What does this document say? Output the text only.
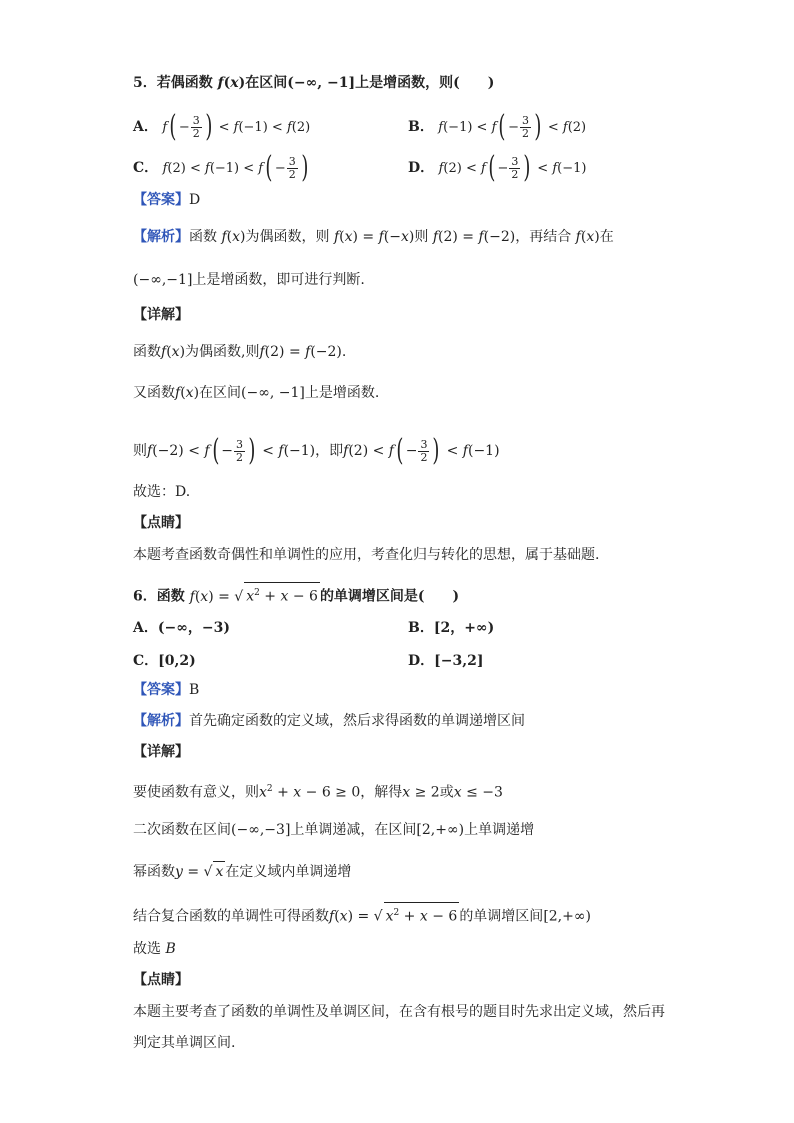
5．若偶函数 f(x)在区间(−∞, −1]上是增函数，则(　　)
A． $f( - \frac{3}{2}$ ) < f(−1) < f(2)	B． $f(-1) < f( - \frac{3}{2}$ ) < f(2)
C． $f(2) < f(-1) < f( - \frac{3}{2}$ )	D． $f(2) < f( - \frac{3}{2}$ ) < f(−1)
【答案】D
【解析】函数 f(x)为偶函数，则 f(x) = f(−x)则 f(2) = f(−2)，再结合 f(x)在
(−∞,−1]上是增函数，即可进行判断.
【详解】
函数f(x)为偶函数,则f(2) = f(−2).
又函数f(x)在区间(−∞, −1]上是增函数.
则$f(-2) < f( - \frac{3}{2}$ ) < f(−1)，即$f(2) < f( - \frac{3}{2}$ ) < f(−1)
故选：D.
【点睛】
本题考查函数奇偶性和单调性的应用，考查化归与转化的思想，属于基础题.
6．函数 f(x) = √ $x^2 + x - 6$ 的单调增区间是(　　)
A．(−∞，−3)	B．[2，+∞)
C．[0,2)	D．[−3,2]
【答案】B
【解析】首先确定函数的定义域，然后求得函数的单调递增区间
【详解】
要使函数有意义，则$x^2 + x - 6 \ge 0$，解得x ≥ 2或x ≤ −3
二次函数在区间(−∞,−3]上单调递减，在区间[2,+∞)上单调递增
幂函数y = √ x 在定义域内单调递增
结合复合函数的单调性可得函数f(x) = √ $x^2 + x - 6$ 的单调增区间[2,+∞)
故选 B
【点睛】
本题主要考查了函数的单调性及单调区间，在含有根号的题目时先求出定义域，然后再
判定其单调区间.
